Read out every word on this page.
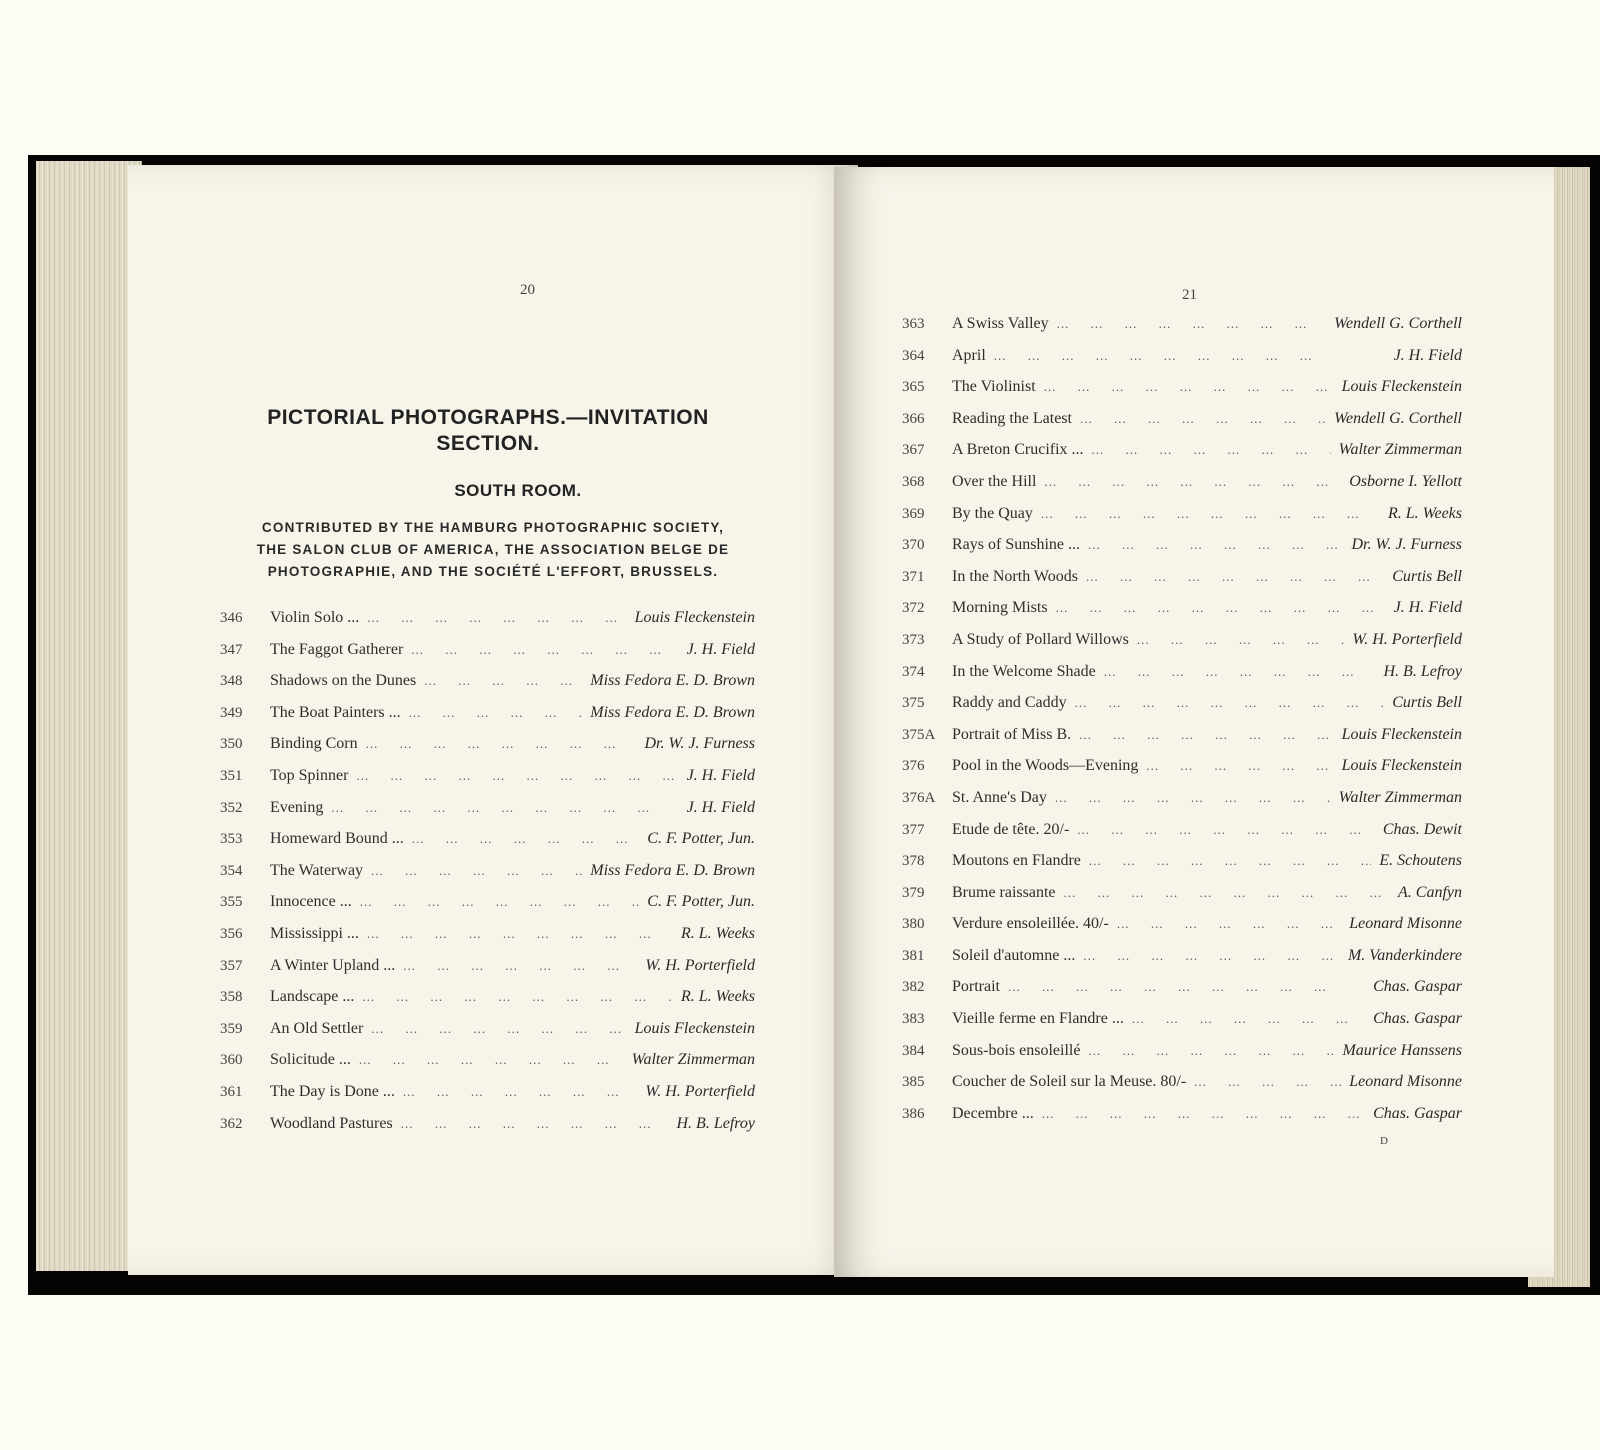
20
PICTORIAL PHOTOGRAPHS.—INVITATION
SECTION.
SOUTH ROOM.
CONTRIBUTED BY THE HAMBURG PHOTOGRAPHIC SOCIETY,
THE SALON CLUB OF AMERICA, THE ASSOCIATION BELGE DE
PHOTOGRAPHIE, AND THE SOCIÉTÉ L'EFFORT, BRUSSELS.
346	Violin Solo ... ...	Louis Fleckenstein
347	The Faggot Gatherer ...	J. H. Field
348	Shadows on the Dunes ...	Miss Fedora E. D. Brown
349	The Boat Painters ... ...	Miss Fedora E. D. Brown
350	Binding Corn ...	Dr. W. J. Furness
351	Top Spinner ...	J. H. Field
352	Evening ...	J. H. Field
353	Homeward Bound ... ...	C. F. Potter, Jun.
354	The Waterway ...	Miss Fedora E. D. Brown
355	Innocence ... ...	C. F. Potter, Jun.
356	Mississippi ... ...	R. L. Weeks
357	A Winter Upland ... ...	W. H. Porterfield
358	Landscape ... ...	R. L. Weeks
359	An Old Settler ...	Louis Fleckenstein
360	Solicitude ... ...	Walter Zimmerman
361	The Day is Done ... ...	W. H. Porterfield
362	Woodland Pastures ...	H. B. Lefroy
21
363	A Swiss Valley ...	Wendell G. Corthell
364	April ...	J. H. Field
365	The Violinist ...	Louis Fleckenstein
366	Reading the Latest ...	Wendell G. Corthell
367	A Breton Crucifix ... ...	Walter Zimmerman
368	Over the Hill ...	Osborne I. Yellott
369	By the Quay ...	R. L. Weeks
370	Rays of Sunshine ... ...	Dr. W. J. Furness
371	In the North Woods ...	Curtis Bell
372	Morning Mists ...	J. H. Field
373	A Study of Pollard Willows ...	W. H. Porterfield
374	In the Welcome Shade ...	H. B. Lefroy
375	Raddy and Caddy ...	Curtis Bell
375A	Portrait of Miss B. ...	Louis Fleckenstein
376	Pool in the Woods—Evening ...	Louis Fleckenstein
376A	St. Anne's Day ...	Walter Zimmerman
377	Etude de tête. 20/- ...	Chas. Dewit
378	Moutons en Flandre ...	E. Schoutens
379	Brume raissante ...	A. Canfyn
380	Verdure ensoleillée. 40/- ...	Leonard Misonne
381	Soleil d'automne ... ...	M. Vanderkindere
382	Portrait ...	Chas. Gaspar
383	Vieille ferme en Flandre ... ...	Chas. Gaspar
384	Sous-bois ensoleillé ...	Maurice Hanssens
385	Coucher de Soleil sur la Meuse. 80/- ...	Leonard Misonne
386	Decembre ... ...	Chas. Gaspar
D
